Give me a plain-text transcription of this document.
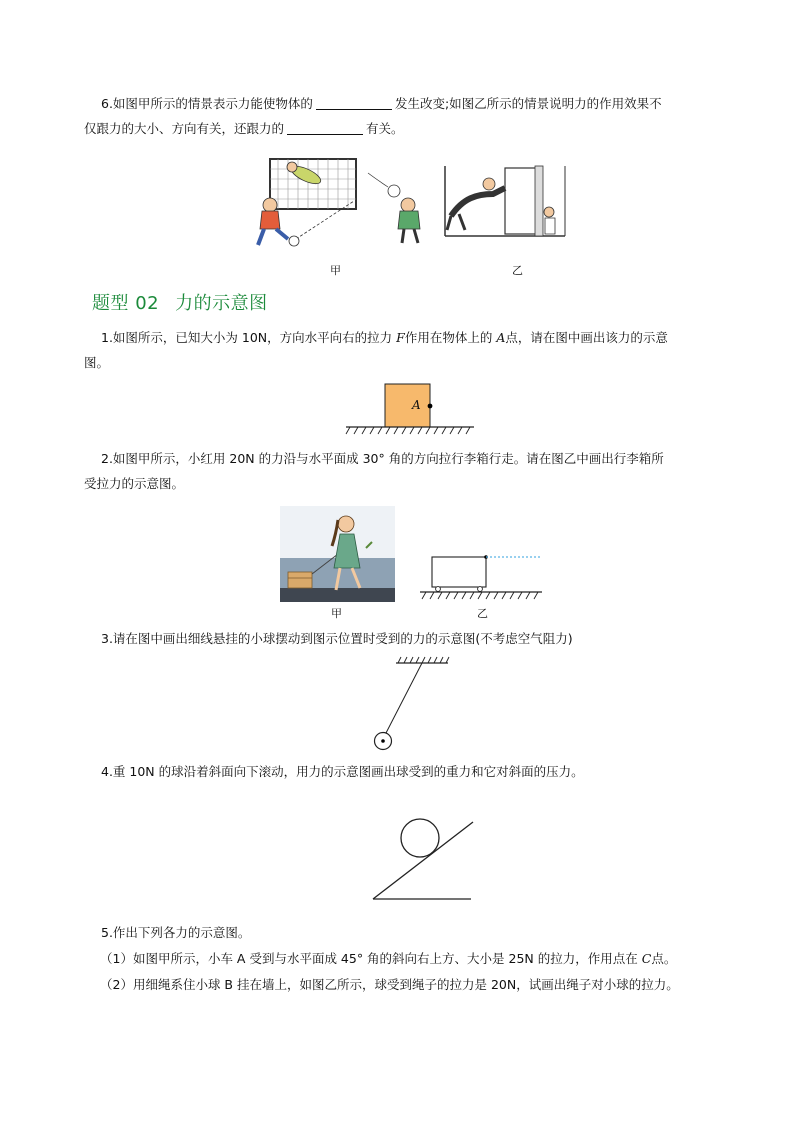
6.如图甲所示的情景表示力能使物体的	发生改变;如图乙所示的情景说明力的作用效果不
仅跟力的大小、方向有关，还跟力的	有关。

甲	乙
题型 02 力的示意图

1.如图所示，已知大小为 10N，方向水平向右的拉力 F作用在物体上的 A点，请在图中画出该力的示意
图。

A

2.如图甲所示，小红用 20N 的力沿与水平面成 30° 角的方向拉行李箱行走。请在图乙中画出行李箱所
受拉力的示意图。

甲	乙

3.请在图中画出细线悬挂的小球摆动到图示位置时受到的力的示意图(不考虑空气阻力)

4.重 10N 的球沿着斜面向下滚动，用力的示意图画出球受到的重力和它对斜面的压力。

5.作出下列各力的示意图。

（1）如图甲所示，小车 A 受到与水平面成 45° 角的斜向右上方、大小是 25N 的拉力，作用点在 C点。

（2）用细绳系住小球 B 挂在墙上，如图乙所示，球受到绳子的拉力是 20N，试画出绳子对小球的拉力。
